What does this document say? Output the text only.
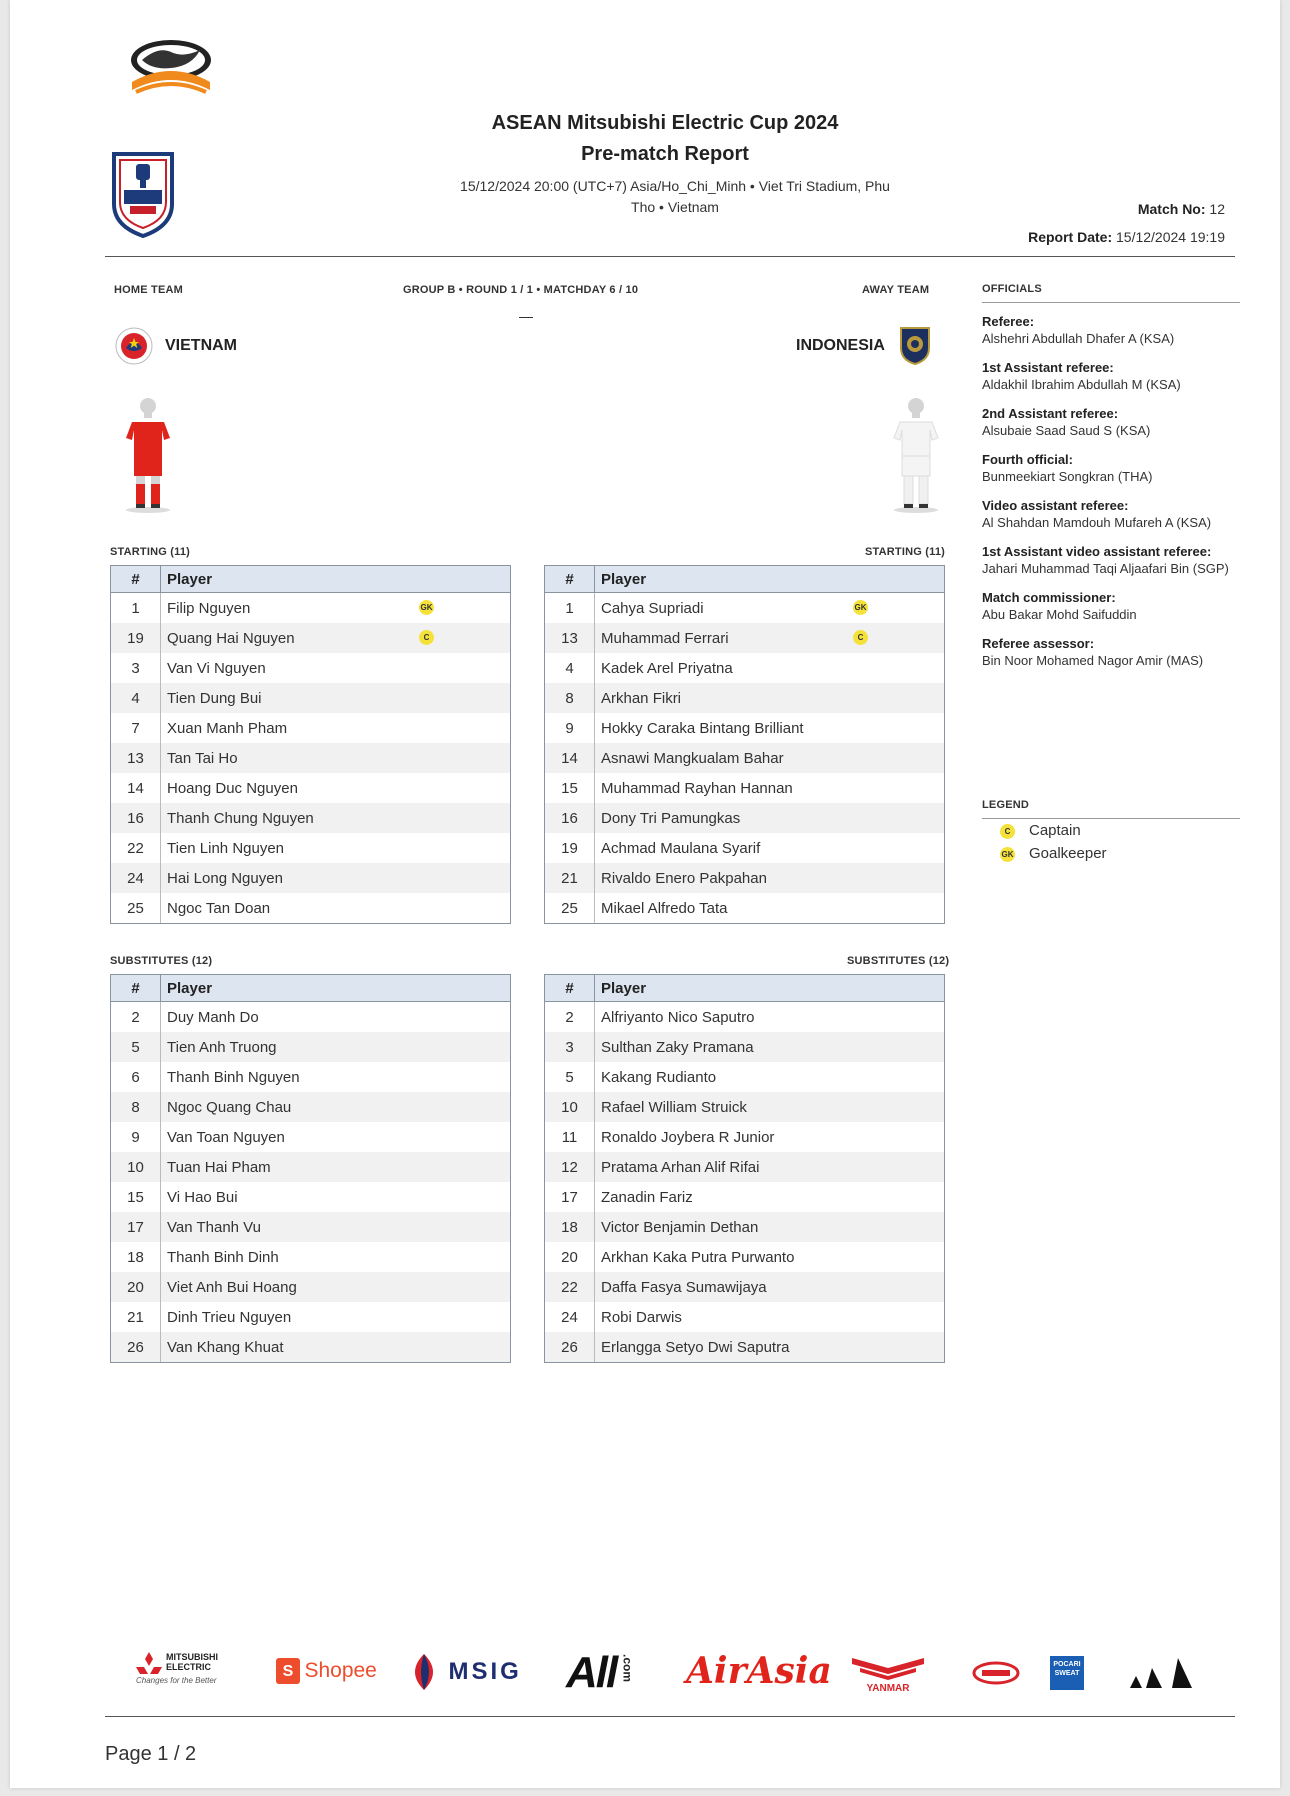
ASEAN Mitsubishi Electric Cup 2024
Pre-match Report
15/12/2024 20:00 (UTC+7) Asia/Ho_Chi_Minh • Viet Tri Stadium, Phu
Tho • Vietnam	Match No: 12
Report Date: 15/12/2024 19:19
HOME TEAM	GROUP B • ROUND 1 / 1 • MATCHDAY 6 / 10	AWAY TEAM
—
VIETNAM	INDONESIA
OFFICIALS
Referee:
Alshehri Abdullah Dhafer A (KSA)
1st Assistant referee:
Aldakhil Ibrahim Abdullah M (KSA)
2nd Assistant referee:
Alsubaie Saad Saud S (KSA)
Fourth official:
Bunmeekiart Songkran (THA)
Video assistant referee:
Al Shahdan Mamdouh Mufareh A (KSA)
1st Assistant video assistant referee:
Jahari Muhammad Taqi Aljaafari Bin (SGP)
Match commissioner:
Abu Bakar Mohd Saifuddin
Referee assessor:
Bin Noor Mohamed Nagor Amir (MAS)
LEGEND
C Captain
GK Goalkeeper
STARTING (11)	STARTING (11)
#	Player
1	Filip Nguyen GK

19	Quang Hai Nguyen C

3	Van Vi Nguyen
4	Tien Dung Bui
7	Xuan Manh Pham
13	Tan Tai Ho
14	Hoang Duc Nguyen
16	Thanh Chung Nguyen
22	Tien Linh Nguyen
24	Hai Long Nguyen
25	Ngoc Tan Doan
#	Player
1	Cahya Supriadi GK

13	Muhammad Ferrari C

4	Kadek Arel Priyatna
8	Arkhan Fikri
9	Hokky Caraka Bintang Brilliant
14	Asnawi Mangkualam Bahar
15	Muhammad Rayhan Hannan
16	Dony Tri Pamungkas
19	Achmad Maulana Syarif
21	Rivaldo Enero Pakpahan
25	Mikael Alfredo Tata
SUBSTITUTES (12)	SUBSTITUTES (12)
#	Player
2	Duy Manh Do
5	Tien Anh Truong
6	Thanh Binh Nguyen
8	Ngoc Quang Chau
9	Van Toan Nguyen
10	Tuan Hai Pham
15	Vi Hao Bui
17	Van Thanh Vu
18	Thanh Binh Dinh
20	Viet Anh Bui Hoang
21	Dinh Trieu Nguyen
26	Van Khang Khuat
#	Player
2	Alfriyanto Nico Saputro
3	Sulthan Zaky Pramana
5	Kakang Rudianto
10	Rafael William Struick
11	Ronaldo Joybera R Junior
12	Pratama Arhan Alif Rifai
17	Zanadin Fariz
18	Victor Benjamin Dethan
20	Arkhan Kaka Putra Purwanto
22	Daffa Fasya Sumawijaya
24	Robi Darwis
26	Erlangga Setyo Dwi Saputra
MITSUBISHI ELECTRIC
Changes for the Better
S Shopee	MSIG All .com AirAsia	YANMAR
POCARI SWEAT
Page 1 / 2
